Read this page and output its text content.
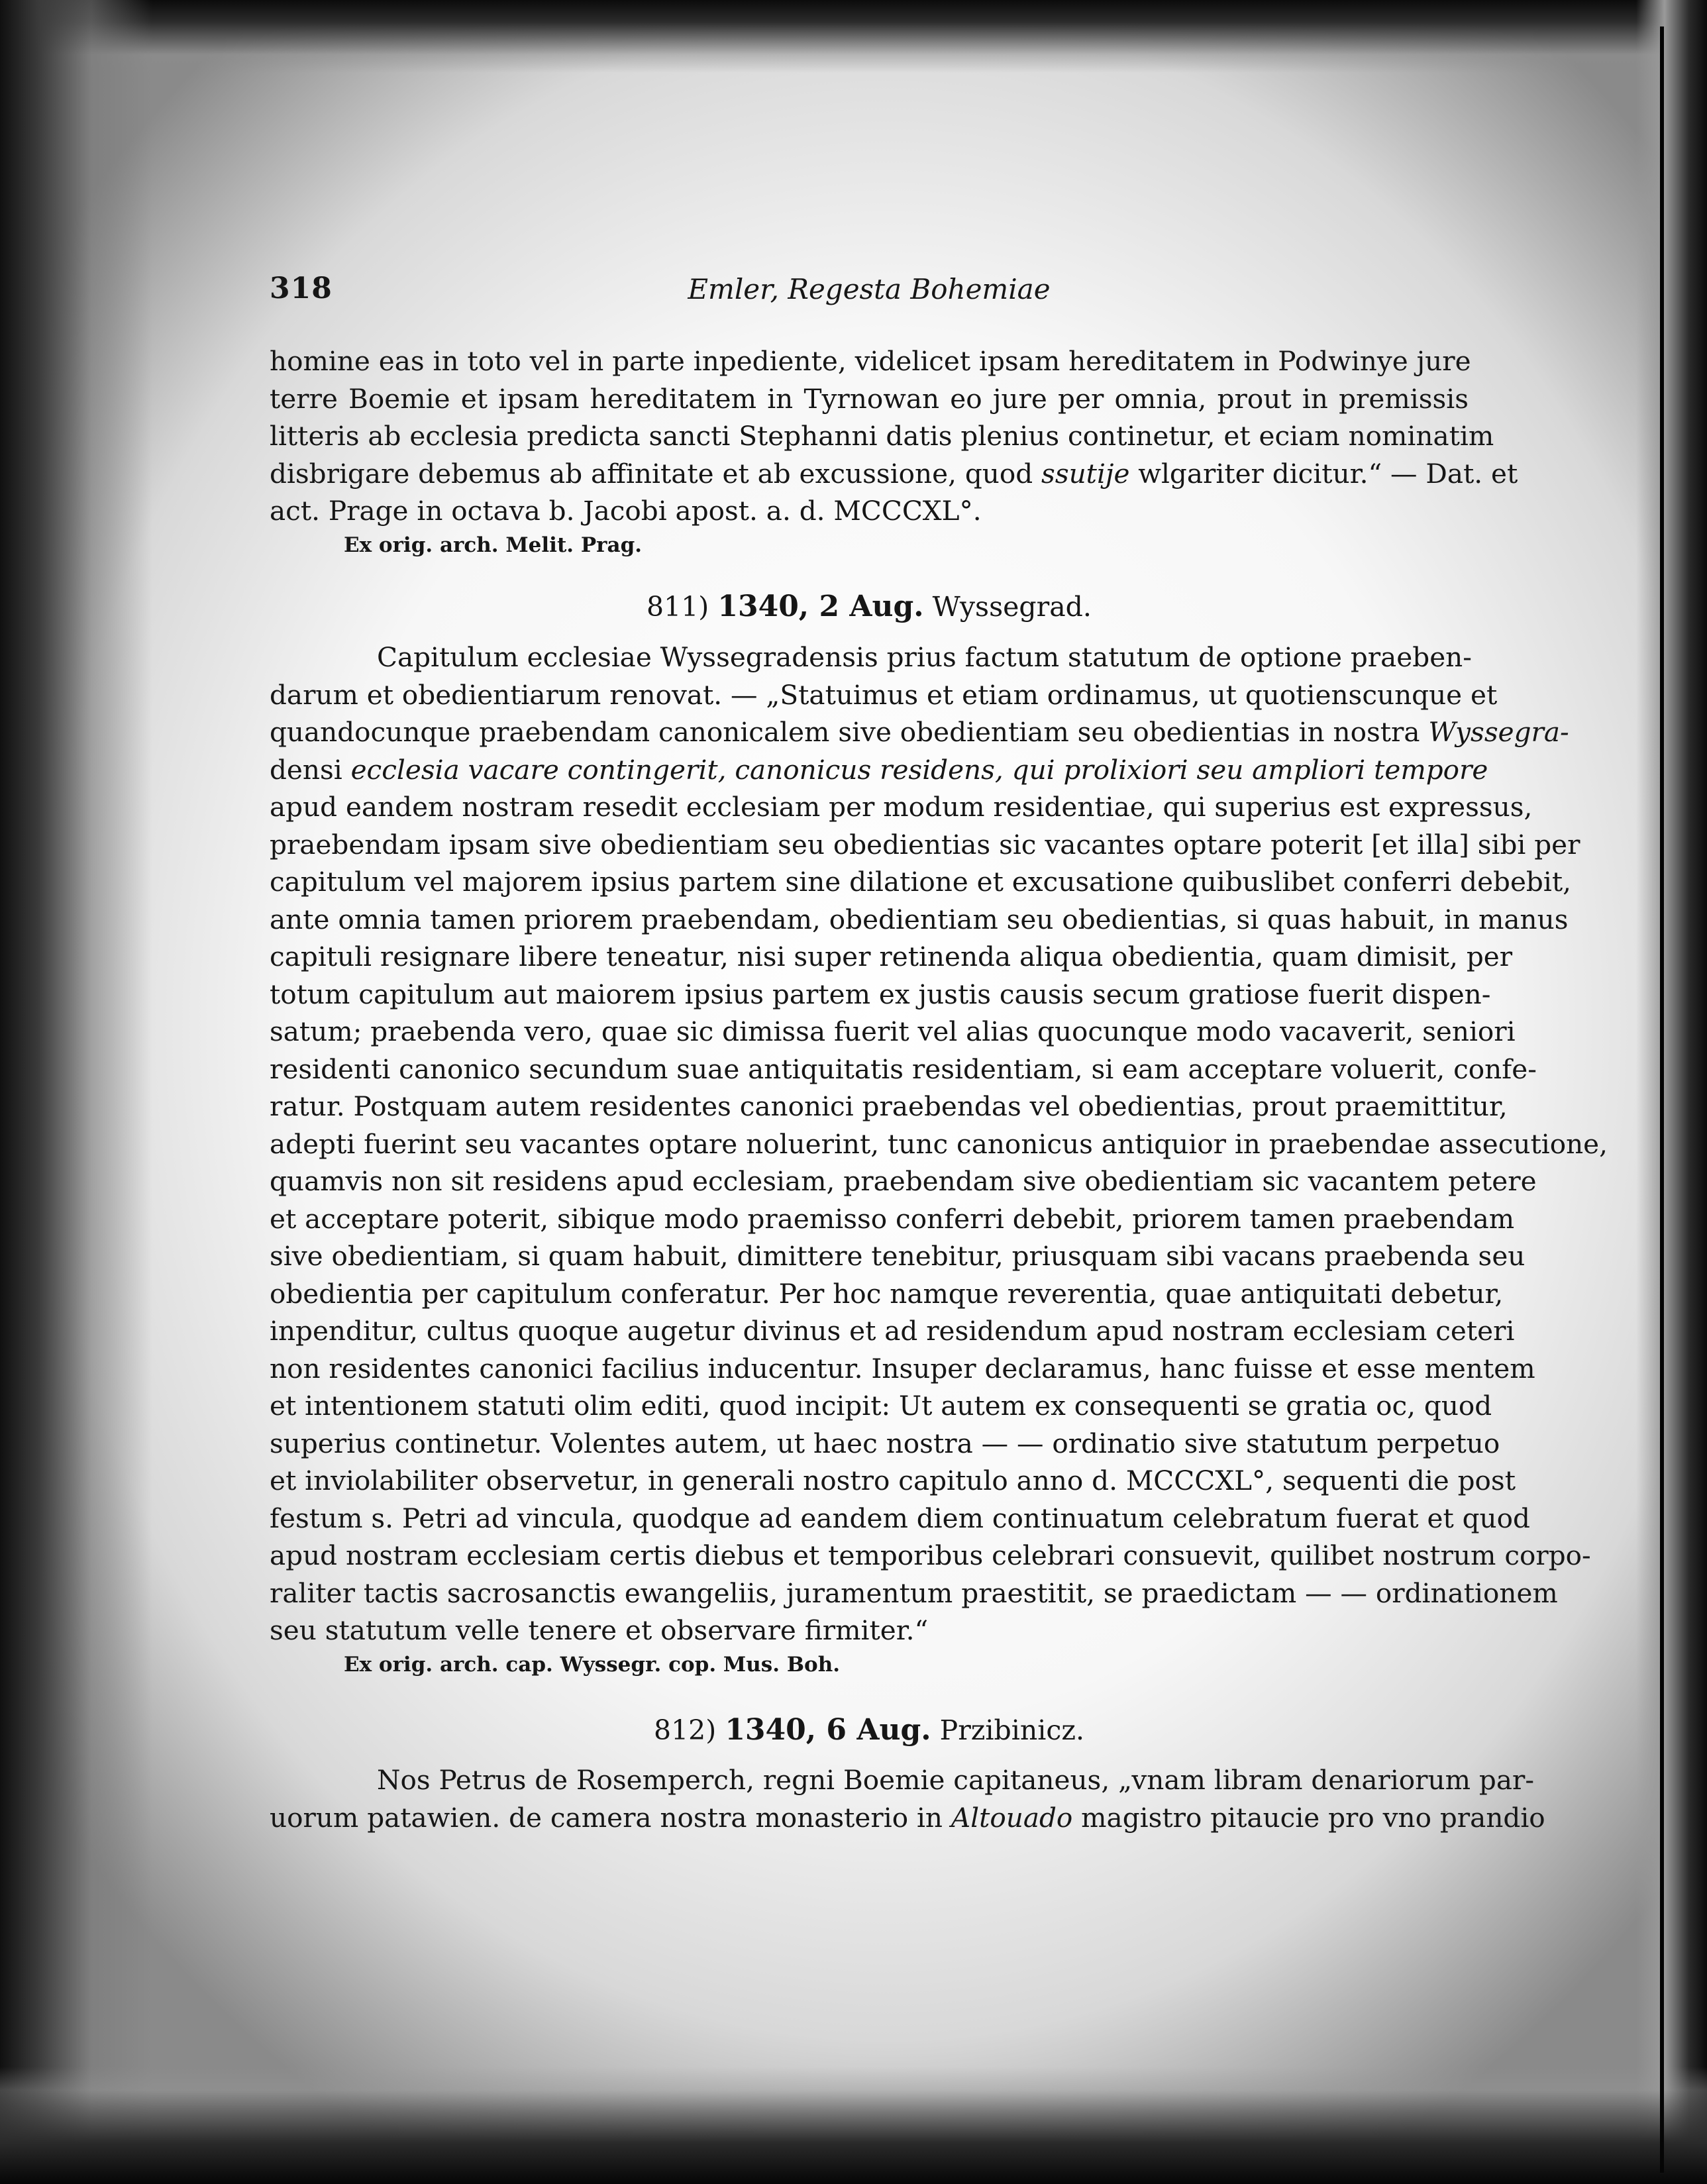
318	Emler, Regesta Bohemiae
homine eas in toto vel in parte inpediente, videlicet ipsam hereditatem in Podwinye jure
terre Boemie et ipsam hereditatem in Tyrnowan eo jure per omnia, prout in premissis
litteris ab ecclesia predicta sancti Stephanni datis plenius continetur, et eciam nominatim
disbrigare debemus ab affinitate et ab excussione, quod ssutije wlgariter dicitur.“ — Dat. et
act. Prage in octava b. Jacobi apost. a. d. MCCCXL°.
Ex orig. arch. Melit. Prag.
811) 1340, 2 Aug. Wyssegrad.
Capitulum ecclesiae Wyssegradensis prius factum statutum de optione praeben-
darum et obedientiarum renovat. — „Statuimus et etiam ordinamus, ut quotienscunque et
quandocunque praebendam canonicalem sive obedientiam seu obedientias in nostra Wyssegra-
densi ecclesia vacare contingerit, canonicus residens, qui prolixiori seu ampliori tempore
apud eandem nostram resedit ecclesiam per modum residentiae, qui superius est expressus,
praebendam ipsam sive obedientiam seu obedientias sic vacantes optare poterit [et illa] sibi per
capitulum vel majorem ipsius partem sine dilatione et excusatione quibuslibet conferri debebit,
ante omnia tamen priorem praebendam, obedientiam seu obedientias, si quas habuit, in manus
capituli resignare libere teneatur, nisi super retinenda aliqua obedientia, quam dimisit, per
totum capitulum aut maiorem ipsius partem ex justis causis secum gratiose fuerit dispen-
satum; praebenda vero, quae sic dimissa fuerit vel alias quocunque modo vacaverit, seniori
residenti canonico secundum suae antiquitatis residentiam, si eam acceptare voluerit, confe-
ratur. Postquam autem residentes canonici praebendas vel obedientias, prout praemittitur,
adepti fuerint seu vacantes optare noluerint, tunc canonicus antiquior in praebendae assecutione,
quamvis non sit residens apud ecclesiam, praebendam sive obedientiam sic vacantem petere
et acceptare poterit, sibique modo praemisso conferri debebit, priorem tamen praebendam
sive obedientiam, si quam habuit, dimittere tenebitur, priusquam sibi vacans praebenda seu
obedientia per capitulum conferatur. Per hoc namque reverentia, quae antiquitati debetur,
inpenditur, cultus quoque augetur divinus et ad residendum apud nostram ecclesiam ceteri
non residentes canonici facilius inducentur. Insuper declaramus, hanc fuisse et esse mentem
et intentionem statuti olim editi, quod incipit: Ut autem ex consequenti se gratia oc, quod
superius continetur. Volentes autem, ut haec nostra — — ordinatio sive statutum perpetuo
et inviolabiliter observetur, in generali nostro capitulo anno d. MCCCXL°, sequenti die post
festum s. Petri ad vincula, quodque ad eandem diem continuatum celebratum fuerat et quod
apud nostram ecclesiam certis diebus et temporibus celebrari consuevit, quilibet nostrum corpo-
raliter tactis sacrosanctis ewangeliis, juramentum praestitit, se praedictam — — ordinationem
seu statutum velle tenere et observare firmiter.“
Ex orig. arch. cap. Wyssegr. cop. Mus. Boh.
812) 1340, 6 Aug. Przibinicz.
Nos Petrus de Rosemperch, regni Boemie capitaneus, „vnam libram denariorum par-
uorum patawien. de camera nostra monasterio in Altouado magistro pitaucie pro vno prandio
